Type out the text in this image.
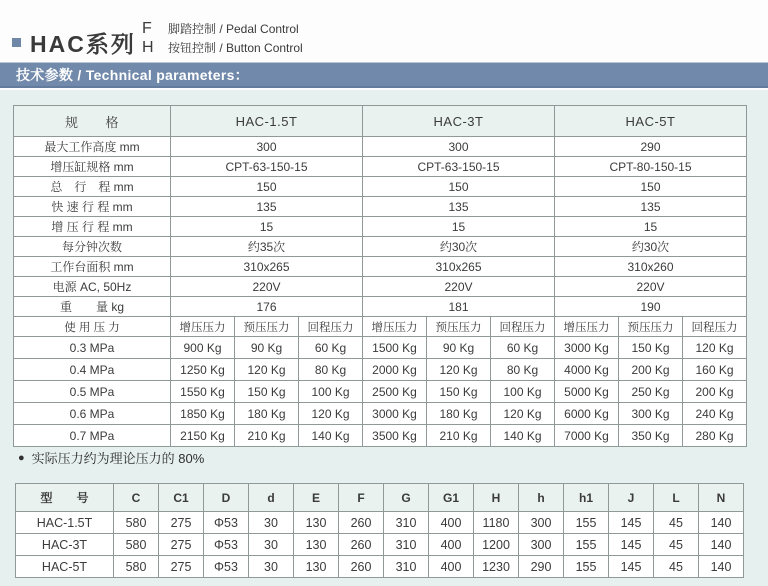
HAC系列
F 脚踏控制 / Pedal Control
H 按钮控制 / Button Control
技术参数 / Technical parameters：
规　　格	HAC-1.5T			HAC-3T			HAC-5T		
最大工作高度 mm	300			300			290		
增压缸规格 mm	CPT-63-150-15			CPT-63-150-15			CPT-80-150-15		
总　行　程 mm	150			150			150		
快 速 行 程 mm	135			135			135		
增 压 行 程 mm	15			15			15		
每分钟次数	约35次			约30次			约30次		
工作台面积 mm	310x265			310x265			310x260		
电源 AC, 50Hz	220V			220V			220V		
重　　量 kg	176			181			190		
使 用 压 力	增压压力	预压压力	回程压力	增压压力	预压压力	回程压力	增压压力	预压压力	回程压力
0.3 MPa	900 Kg	90 Kg	60 Kg	1500 Kg	90 Kg	60 Kg	3000 Kg	150 Kg	120 Kg
0.4 MPa	1250 Kg	120 Kg	80 Kg	2000 Kg	120 Kg	80 Kg	4000 Kg	200 Kg	160 Kg
0.5 MPa	1550 Kg	150 Kg	100 Kg	2500 Kg	150 Kg	100 Kg	5000 Kg	250 Kg	200 Kg
0.6 MPa	1850 Kg	180 Kg	120 Kg	3000 Kg	180 Kg	120 Kg	6000 Kg	300 Kg	240 Kg
0.7 MPa	2150 Kg	210 Kg	140 Kg	3500 Kg	210 Kg	140 Kg	7000 Kg	350 Kg	280 Kg
● 实际压力约为理论压力的 80%
型　　号	C	C1	D	d	E	F	G	G1	H	h	h1	J	L	N
HAC-1.5T	580	275	Φ53	30	130	260	310	400	1180	300	155	145	45	140
HAC-3T	580	275	Φ53	30	130	260	310	400	1200	300	155	145	45	140
HAC-5T	580	275	Φ53	30	130	260	310	400	1230	290	155	145	45	140
